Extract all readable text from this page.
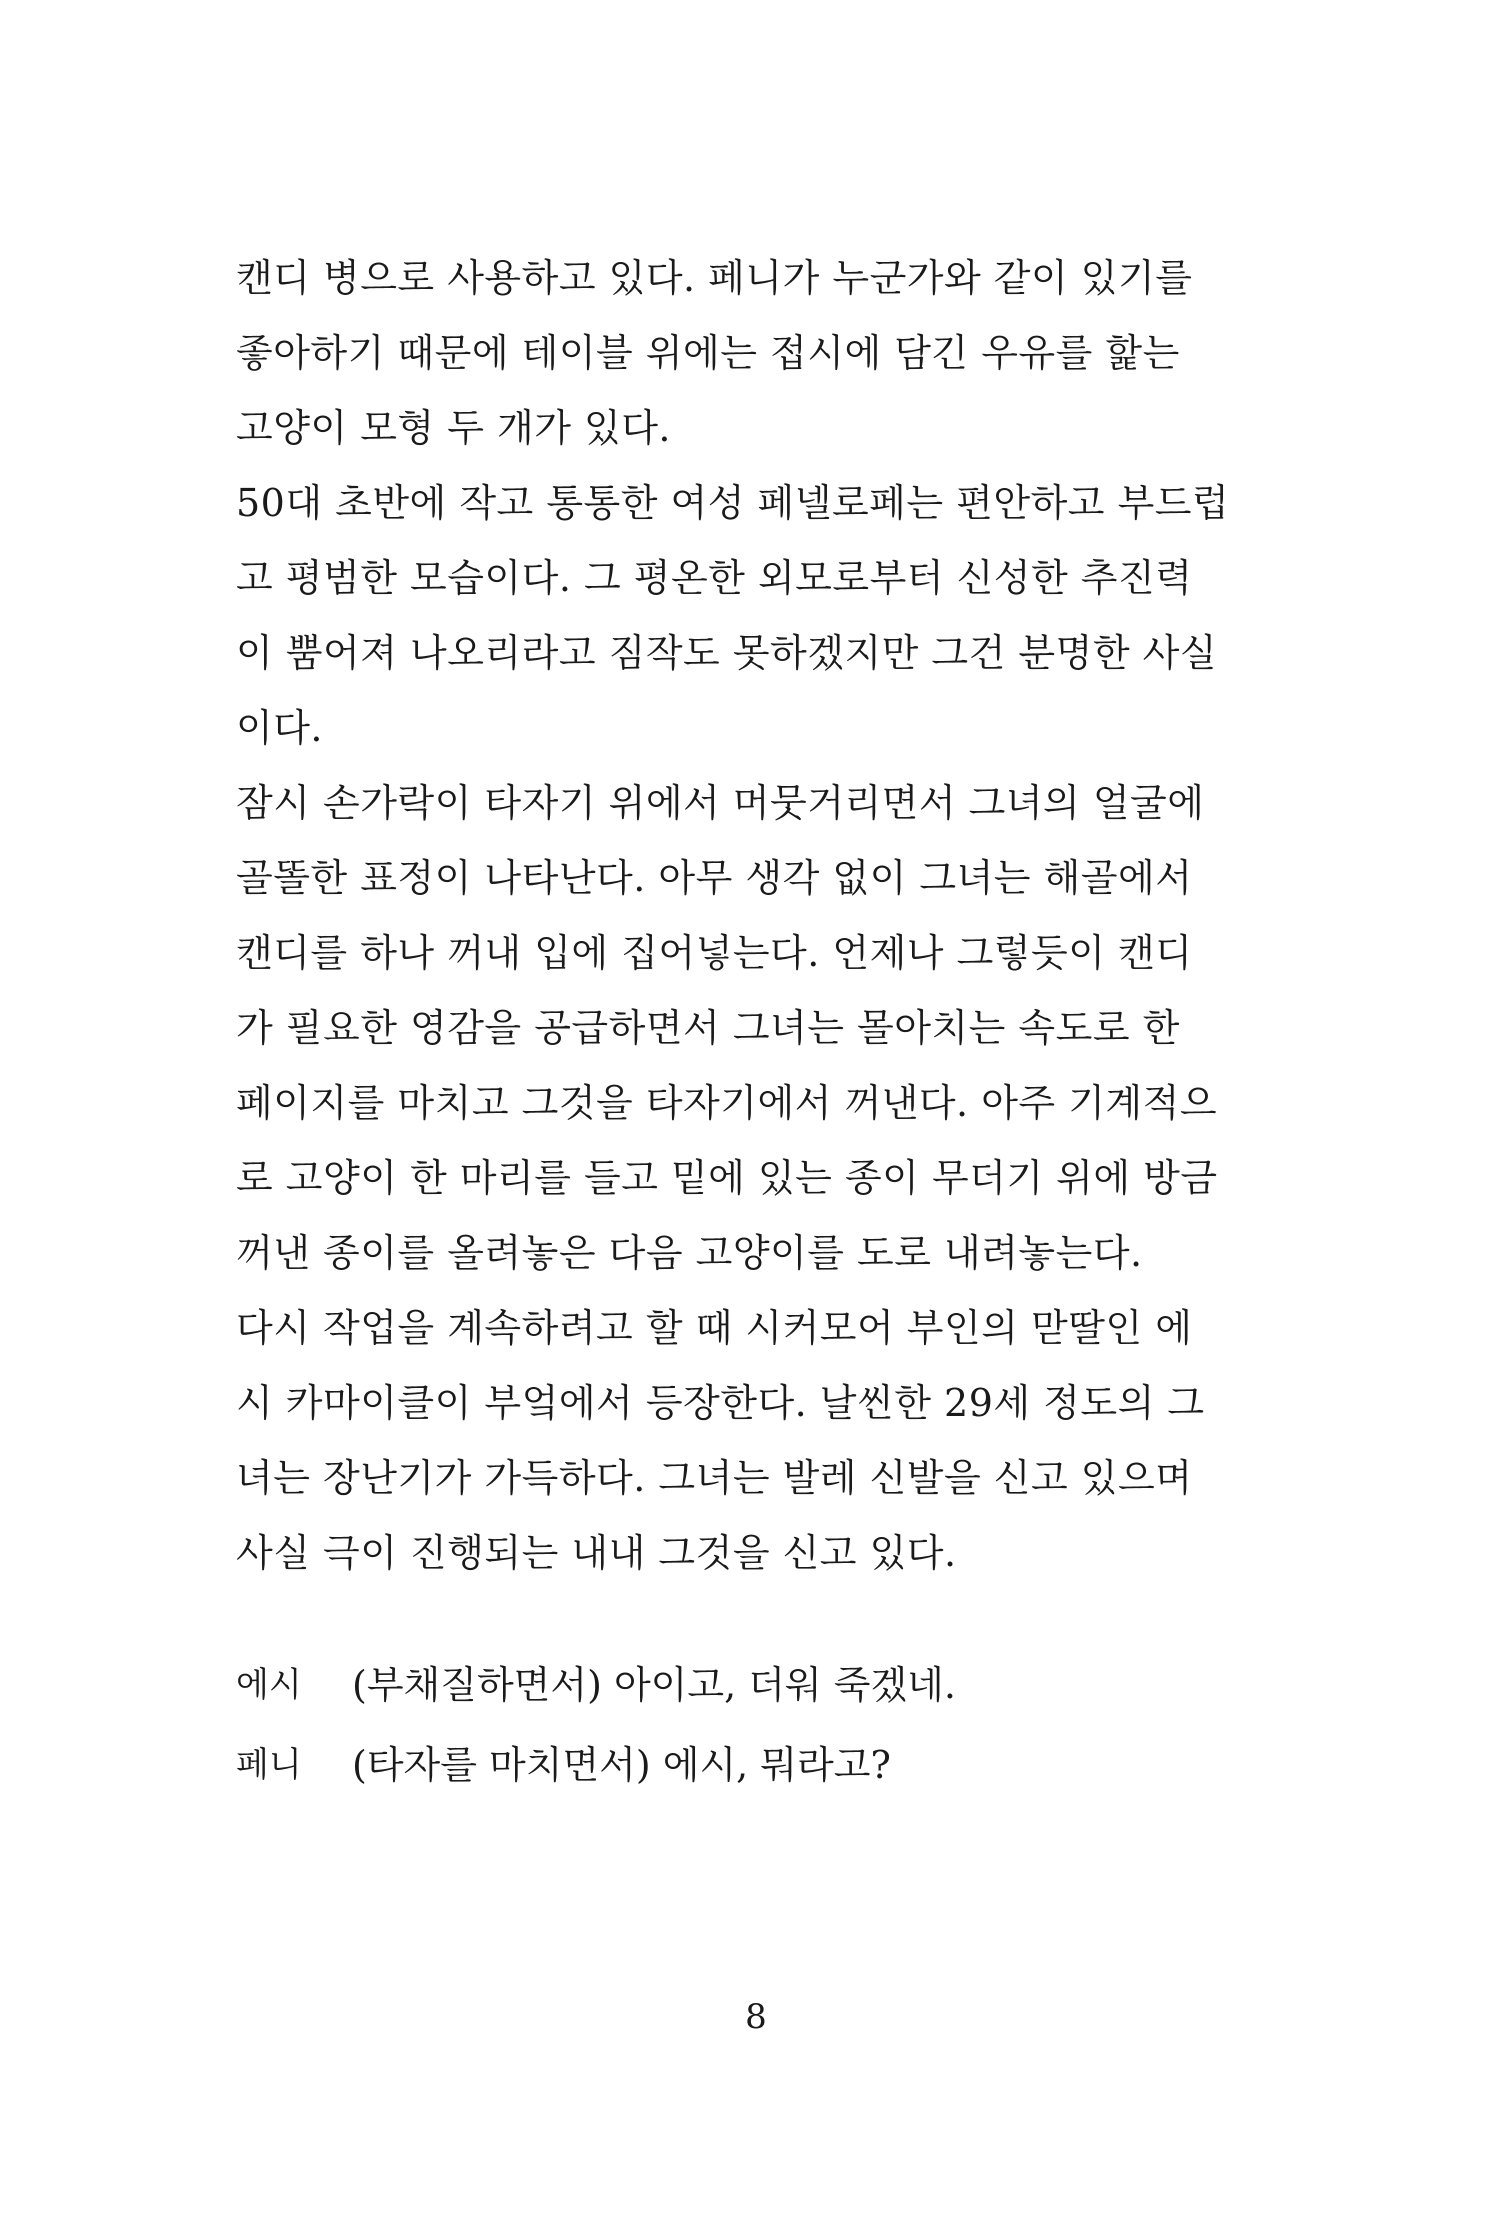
캔디 병으로 사용하고 있다. 페니가 누군가와 같이 있기를
좋아하기 때문에 테이블 위에는 접시에 담긴 우유를 핥는
고양이 모형 두 개가 있다.
50대 초반에 작고 통통한 여성 페넬로페는 편안하고 부드럽
고 평범한 모습이다. 그 평온한 외모로부터 신성한 추진력
이 뿜어져 나오리라고 짐작도 못하겠지만 그건 분명한 사실
이다.
잠시 손가락이 타자기 위에서 머뭇거리면서 그녀의 얼굴에
골똘한 표정이 나타난다. 아무 생각 없이 그녀는 해골에서
캔디를 하나 꺼내 입에 집어넣는다. 언제나 그렇듯이 캔디
가 필요한 영감을 공급하면서 그녀는 몰아치는 속도로 한
페이지를 마치고 그것을 타자기에서 꺼낸다. 아주 기계적으
로 고양이 한 마리를 들고 밑에 있는 종이 무더기 위에 방금
꺼낸 종이를 올려놓은 다음 고양이를 도로 내려놓는다.
다시 작업을 계속하려고 할 때 시커모어 부인의 맏딸인 에
시 카마이클이 부엌에서 등장한다. 날씬한 29세 정도의 그
녀는 장난기가 가득하다. 그녀는 발레 신발을 신고 있으며
사실 극이 진행되는 내내 그것을 신고 있다.
에시 (부채질하면서) 아이고, 더워 죽겠네.
페니 (타자를 마치면서) 에시, 뭐라고?
8
